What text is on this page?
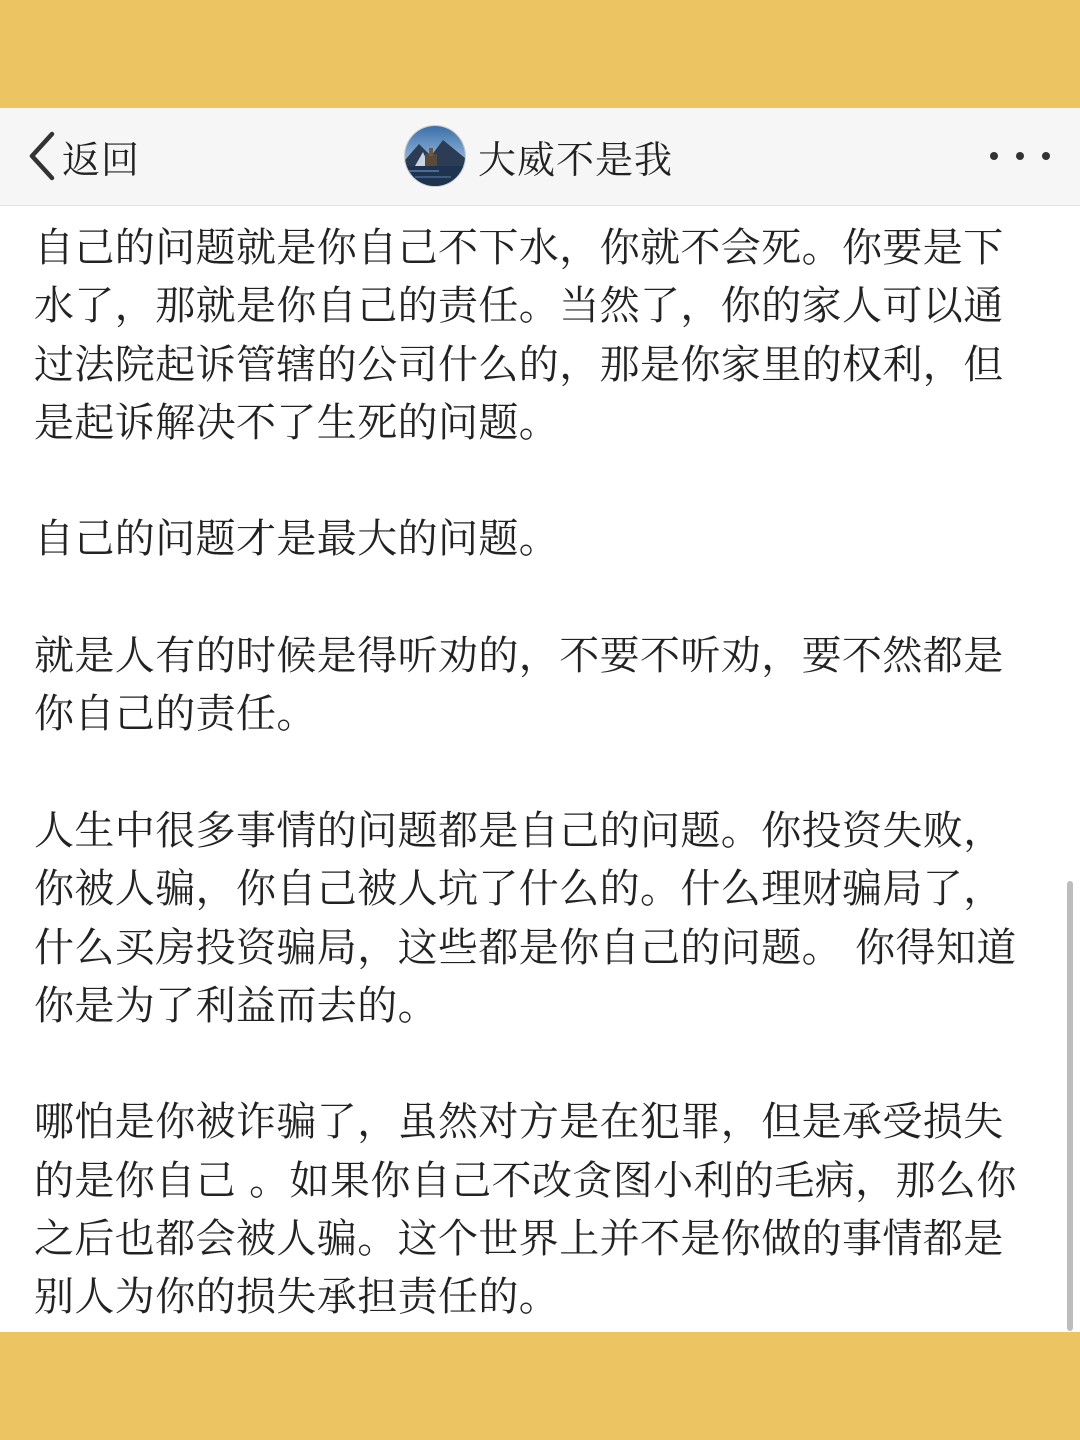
返回	大威不是我

自己的问题就是你自己不下水，你就不会死。你要是下水了，那就是你自己的责任。当然了，你的家人可以通过法院起诉管辖的公司什么的，那是你家里的权利，但是起诉解决不了生死的问题。

自己的问题才是最大的问题。

就是人有的时候是得听劝的，不要不听劝，要不然都是你自己的责任。

人生中很多事情的问题都是自己的问题。你投资失败，你被人骗，你自己被人坑了什么的。什么理财骗局了，什么买房投资骗局，这些都是你自己的问题。 你得知道你是为了利益而去的。

哪怕是你被诈骗了，虽然对方是在犯罪，但是承受损失的是你自己 。如果你自己不改贪图小利的毛病，那么你之后也都会被人骗。这个世界上并不是你做的事情都是别人为你的损失承担责任的。
